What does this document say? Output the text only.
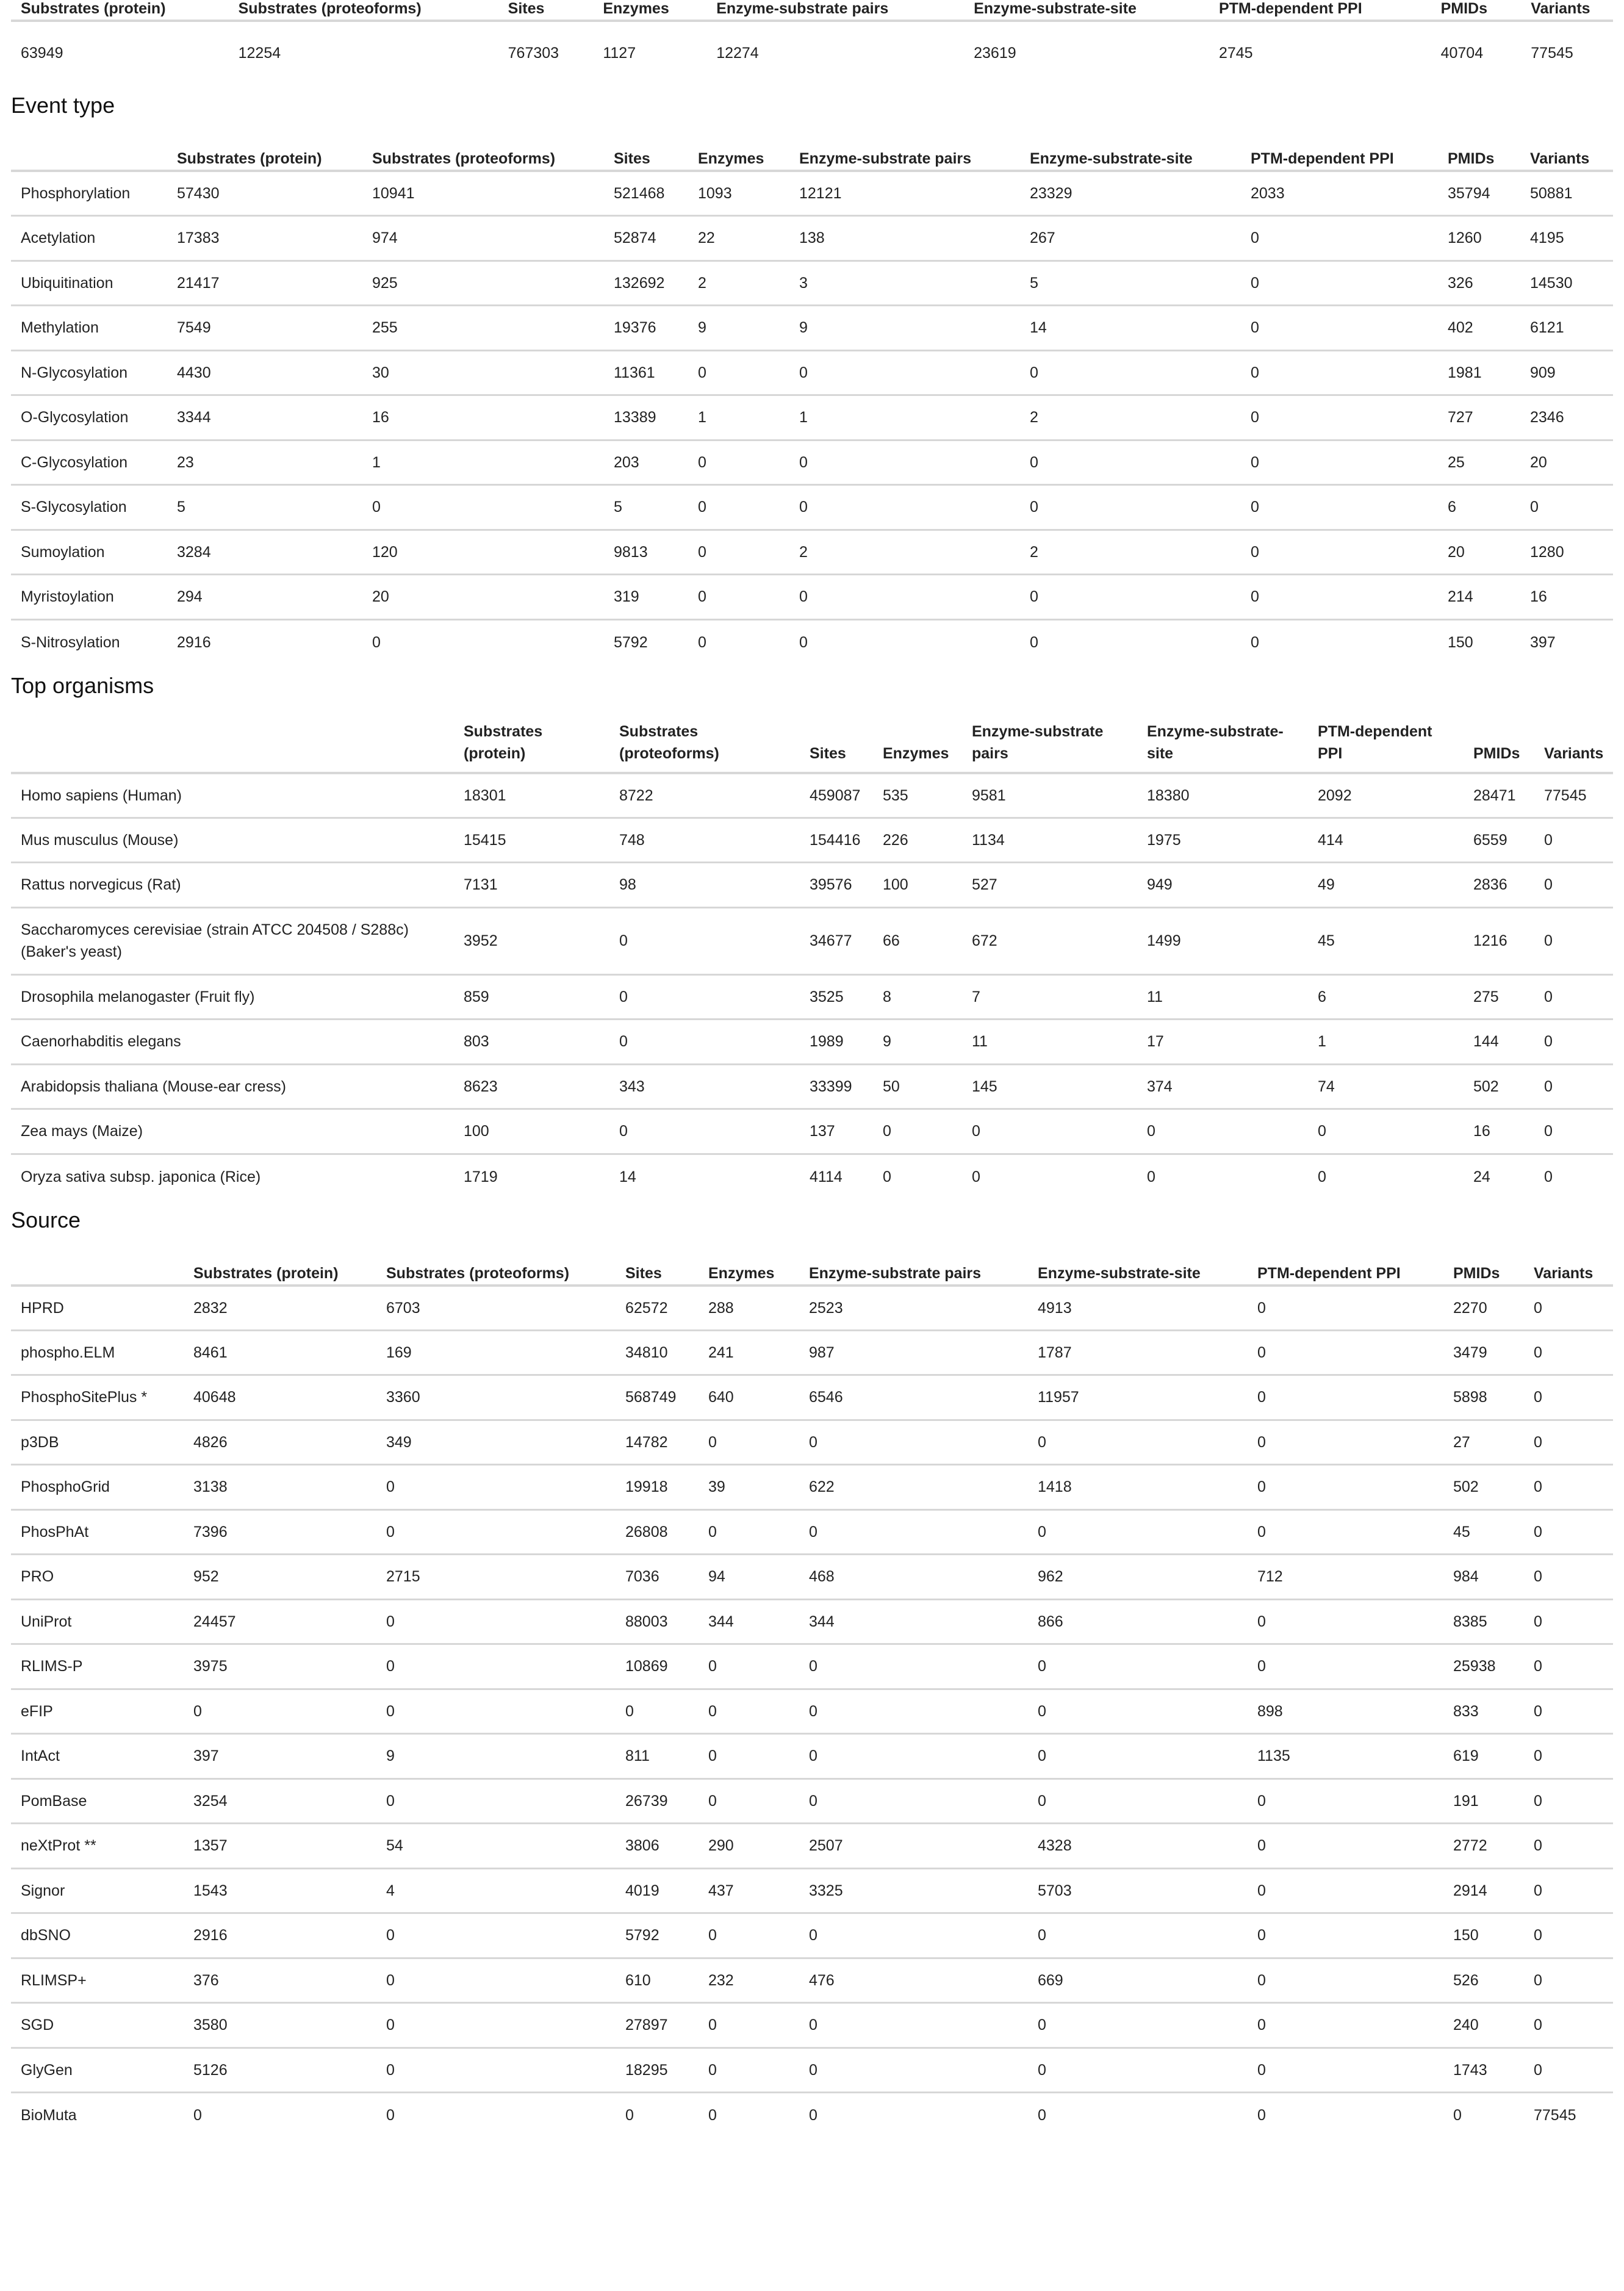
Substrates (protein)	Substrates (proteoforms)	Sites	Enzymes	Enzyme-substrate pairs	Enzyme-substrate-site	PTM-dependent PPI	PMIDs	Variants
63949	12254	767303	1127	12274	23619	2745	40704	77545
Event type
	Substrates (protein)	Substrates (proteoforms)	Sites	Enzymes	Enzyme-substrate pairs	Enzyme-substrate-site	PTM-dependent PPI	PMIDs	Variants
Phosphorylation	57430	10941	521468	1093	12121	23329	2033	35794	50881
Acetylation	17383	974	52874	22	138	267	0	1260	4195
Ubiquitination	21417	925	132692	2	3	5	0	326	14530
Methylation	7549	255	19376	9	9	14	0	402	6121
N-Glycosylation	4430	30	11361	0	0	0	0	1981	909
O-Glycosylation	3344	16	13389	1	1	2	0	727	2346
C-Glycosylation	23	1	203	0	0	0	0	25	20
S-Glycosylation	5	0	5	0	0	0	0	6	0
Sumoylation	3284	120	9813	0	2	2	0	20	1280
Myristoylation	294	20	319	0	0	0	0	214	16
S-Nitrosylation	2916	0	5792	0	0	0	0	150	397
Top organisms
	Substrates (protein)	Substrates (proteoforms)	Sites	Enzymes	Enzyme-substrate pairs	Enzyme-substrate-site	PTM-dependent PPI	PMIDs	Variants
Homo sapiens (Human)	18301	8722	459087	535	9581	18380	2092	28471	77545
Mus musculus (Mouse)	15415	748	154416	226	1134	1975	414	6559	0
Rattus norvegicus (Rat)	7131	98	39576	100	527	949	49	2836	0
Saccharomyces cerevisiae (strain ATCC 204508 / S288c) (Baker's yeast)	3952	0	34677	66	672	1499	45	1216	0
Drosophila melanogaster (Fruit fly)	859	0	3525	8	7	11	6	275	0
Caenorhabditis elegans	803	0	1989	9	11	17	1	144	0
Arabidopsis thaliana (Mouse-ear cress)	8623	343	33399	50	145	374	74	502	0
Zea mays (Maize)	100	0	137	0	0	0	0	16	0
Oryza sativa subsp. japonica (Rice)	1719	14	4114	0	0	0	0	24	0
Source
	Substrates (protein)	Substrates (proteoforms)	Sites	Enzymes	Enzyme-substrate pairs	Enzyme-substrate-site	PTM-dependent PPI	PMIDs	Variants
HPRD	2832	6703	62572	288	2523	4913	0	2270	0
phospho.ELM	8461	169	34810	241	987	1787	0	3479	0
PhosphoSitePlus *	40648	3360	568749	640	6546	11957	0	5898	0
p3DB	4826	349	14782	0	0	0	0	27	0
PhosphoGrid	3138	0	19918	39	622	1418	0	502	0
PhosPhAt	7396	0	26808	0	0	0	0	45	0
PRO	952	2715	7036	94	468	962	712	984	0
UniProt	24457	0	88003	344	344	866	0	8385	0
RLIMS-P	3975	0	10869	0	0	0	0	25938	0
eFIP	0	0	0	0	0	0	898	833	0
IntAct	397	9	811	0	0	0	1135	619	0
PomBase	3254	0	26739	0	0	0	0	191	0
neXtProt **	1357	54	3806	290	2507	4328	0	2772	0
Signor	1543	4	4019	437	3325	5703	0	2914	0
dbSNO	2916	0	5792	0	0	0	0	150	0
RLIMSP+	376	0	610	232	476	669	0	526	0
SGD	3580	0	27897	0	0	0	0	240	0
GlyGen	5126	0	18295	0	0	0	0	1743	0
BioMuta	0	0	0	0	0	0	0	0	77545
